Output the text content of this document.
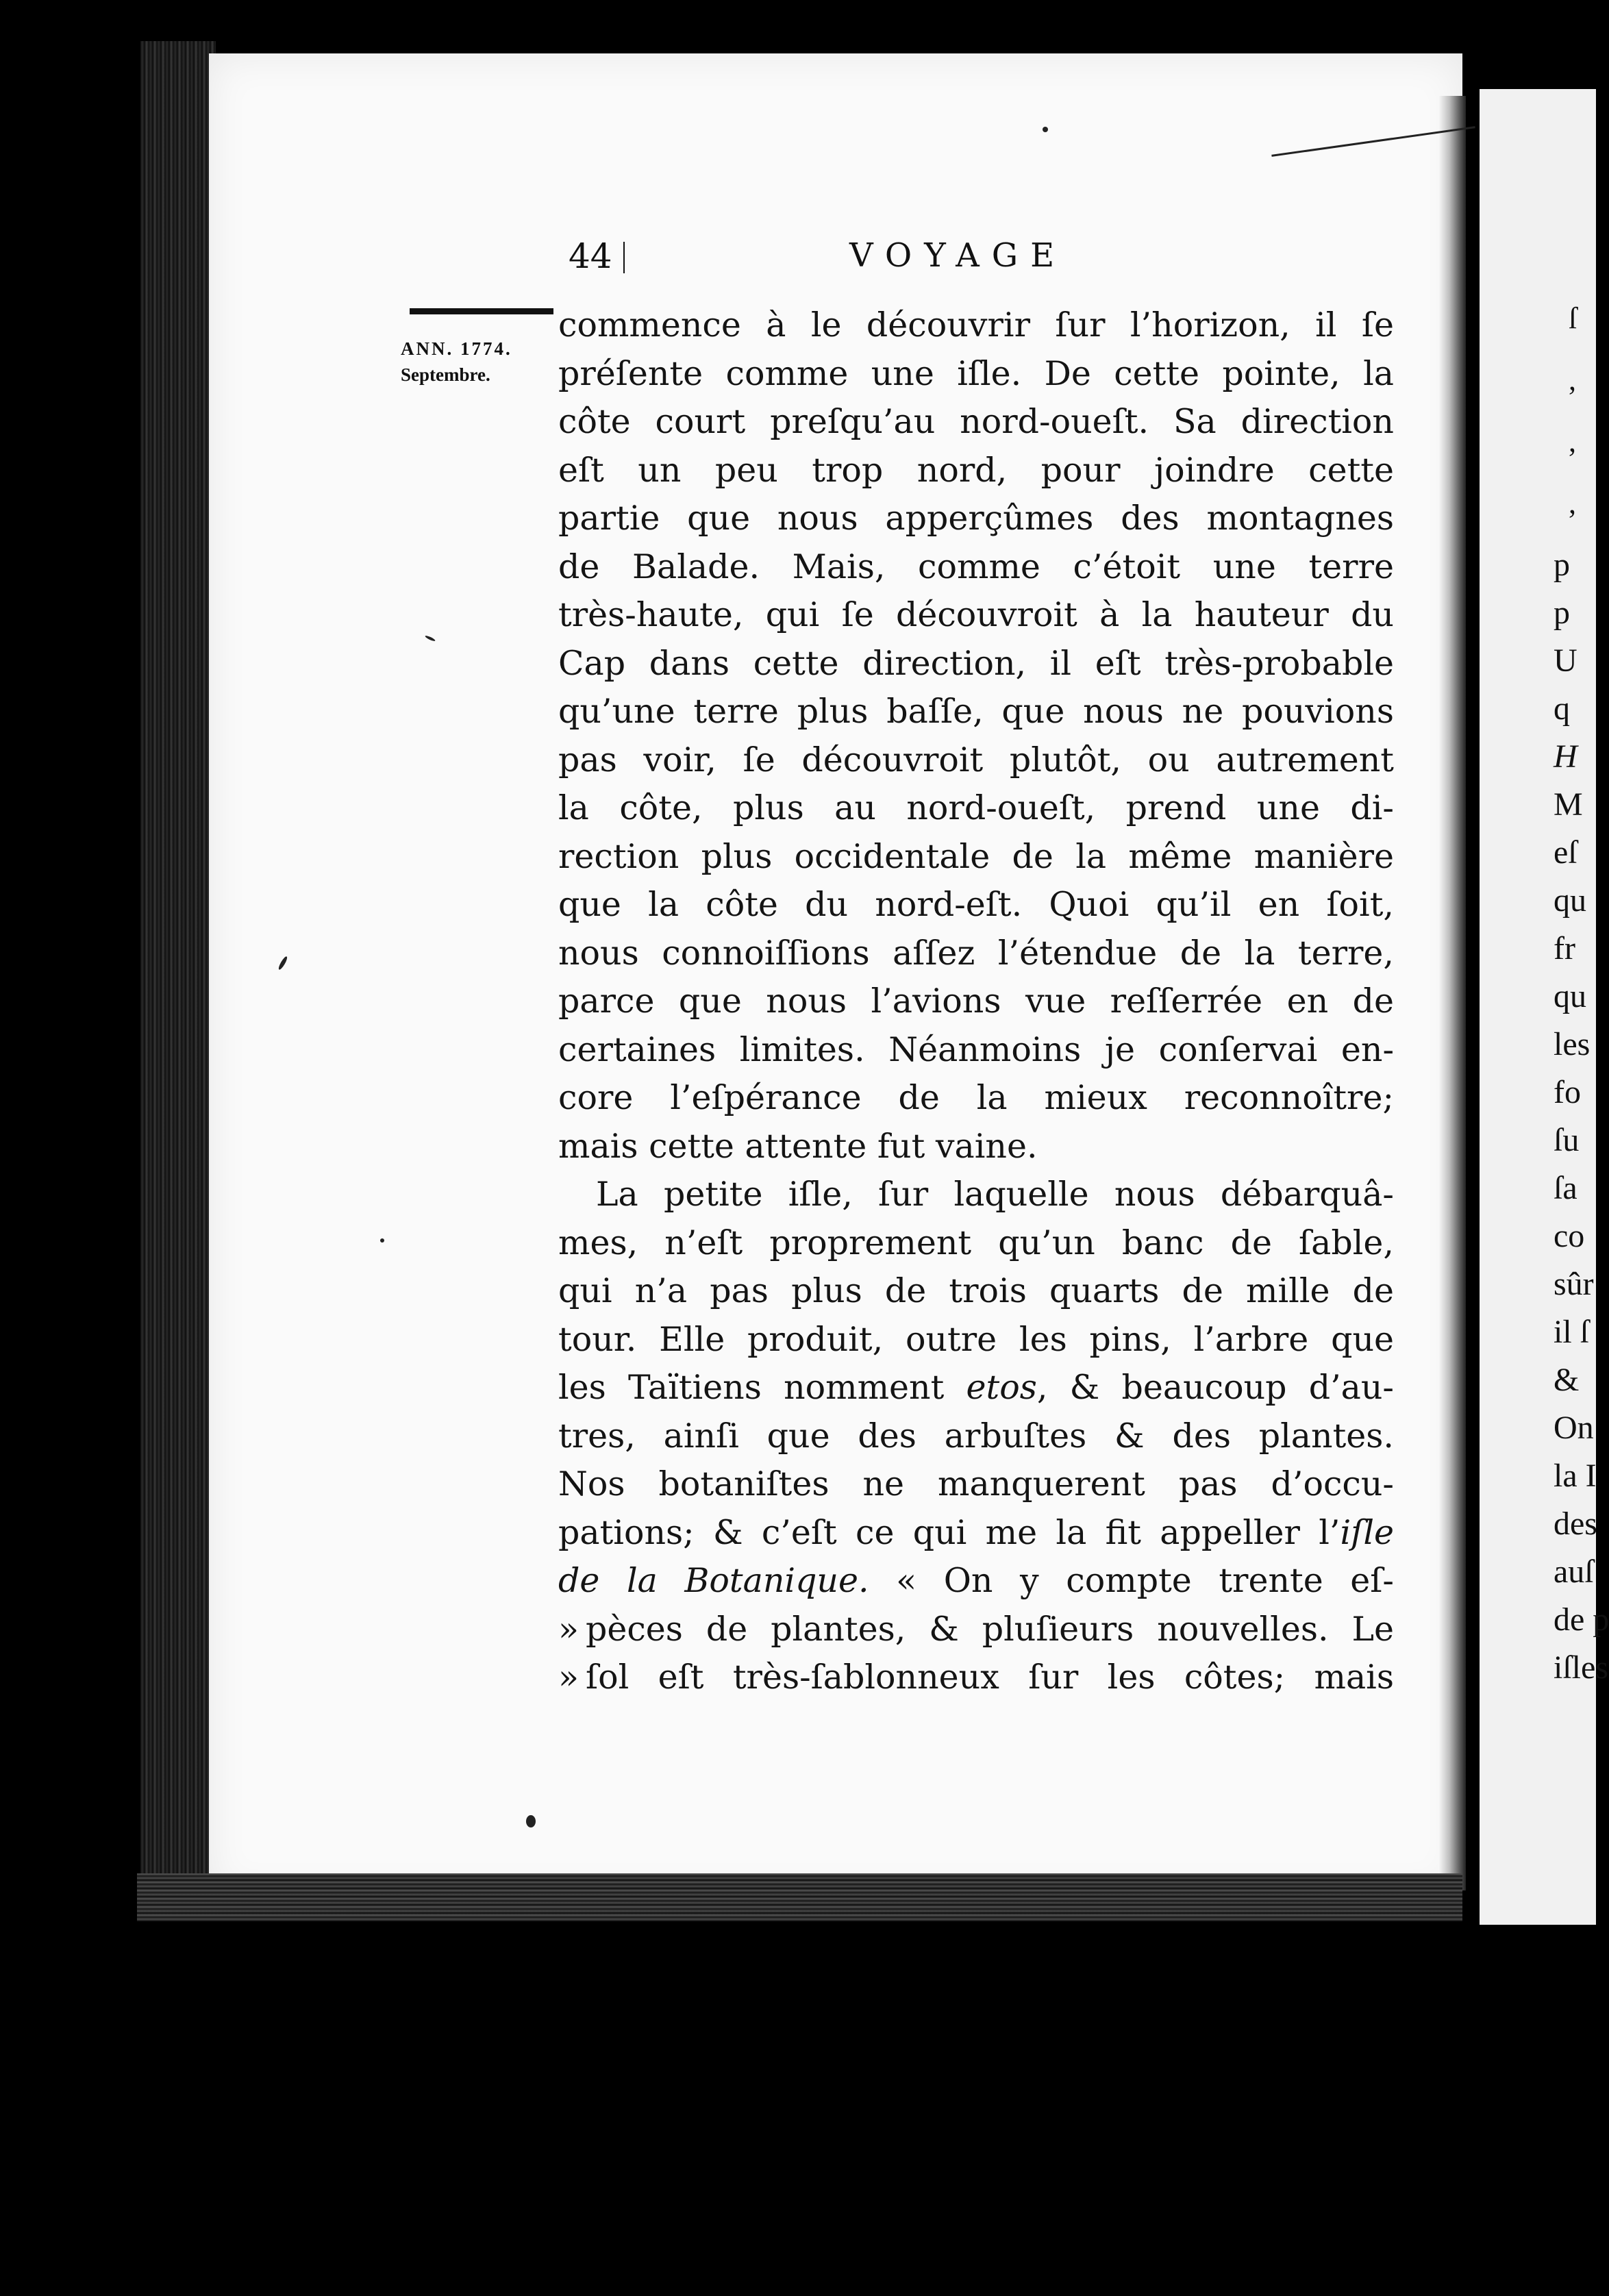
44	VOYAGE
ANN. 1774.
Septembre.
commence à le découvrir ſur l’horizon, il ſe
préſente comme une iſle. De cette pointe, la
côte court preſqu’au nord-oueſt. Sa direction
eſt un peu trop nord, pour joindre cette
partie que nous apperçûmes des montagnes
de Balade. Mais, comme c’étoit une terre
très-haute, qui ſe découvroit à la hauteur du
Cap dans cette direction, il eſt très-probable
qu’une terre plus baſſe, que nous ne pouvions
pas voir, ſe découvroit plutôt, ou autrement
la côte, plus au nord-oueſt, prend une di-
rection plus occidentale de la même manière
que la côte du nord-eſt. Quoi qu’il en ſoit,
nous connoiſſions aſſez l’étendue de la terre,
parce que nous l’avions vue reſſerrée en de
certaines limites. Néanmoins je conſervai en-
core l’eſpérance de la mieux reconnoître;
mais cette attente fut vaine.
La petite iſle, ſur laquelle nous débarquâ-
mes, n’eſt proprement qu’un banc de ſable,
qui n’a pas plus de trois quarts de mille de
tour. Elle produit, outre les pins, l’arbre que
les Taïtiens nomment etos, & beaucoup d’au-
tres, ainſi que des arbuſtes & des plantes.
Nos botaniſtes ne manquerent pas d’occu-
pations; & c’eſt ce qui me la fit appeller l’iſle
de la Botanique. « On y compte trente eſ-
» pèces de plantes, & pluſieurs nouvelles. Le
» ſol eſt très-ſablonneux ſur les côtes; mais
ſ
,
,
,
p
p
U
q
H
M
eſ
qu
fr
qu
les
fo
ſu
ſa
co
sûr
il ſ
&
On
la I
des
auſ
de p
iſles
